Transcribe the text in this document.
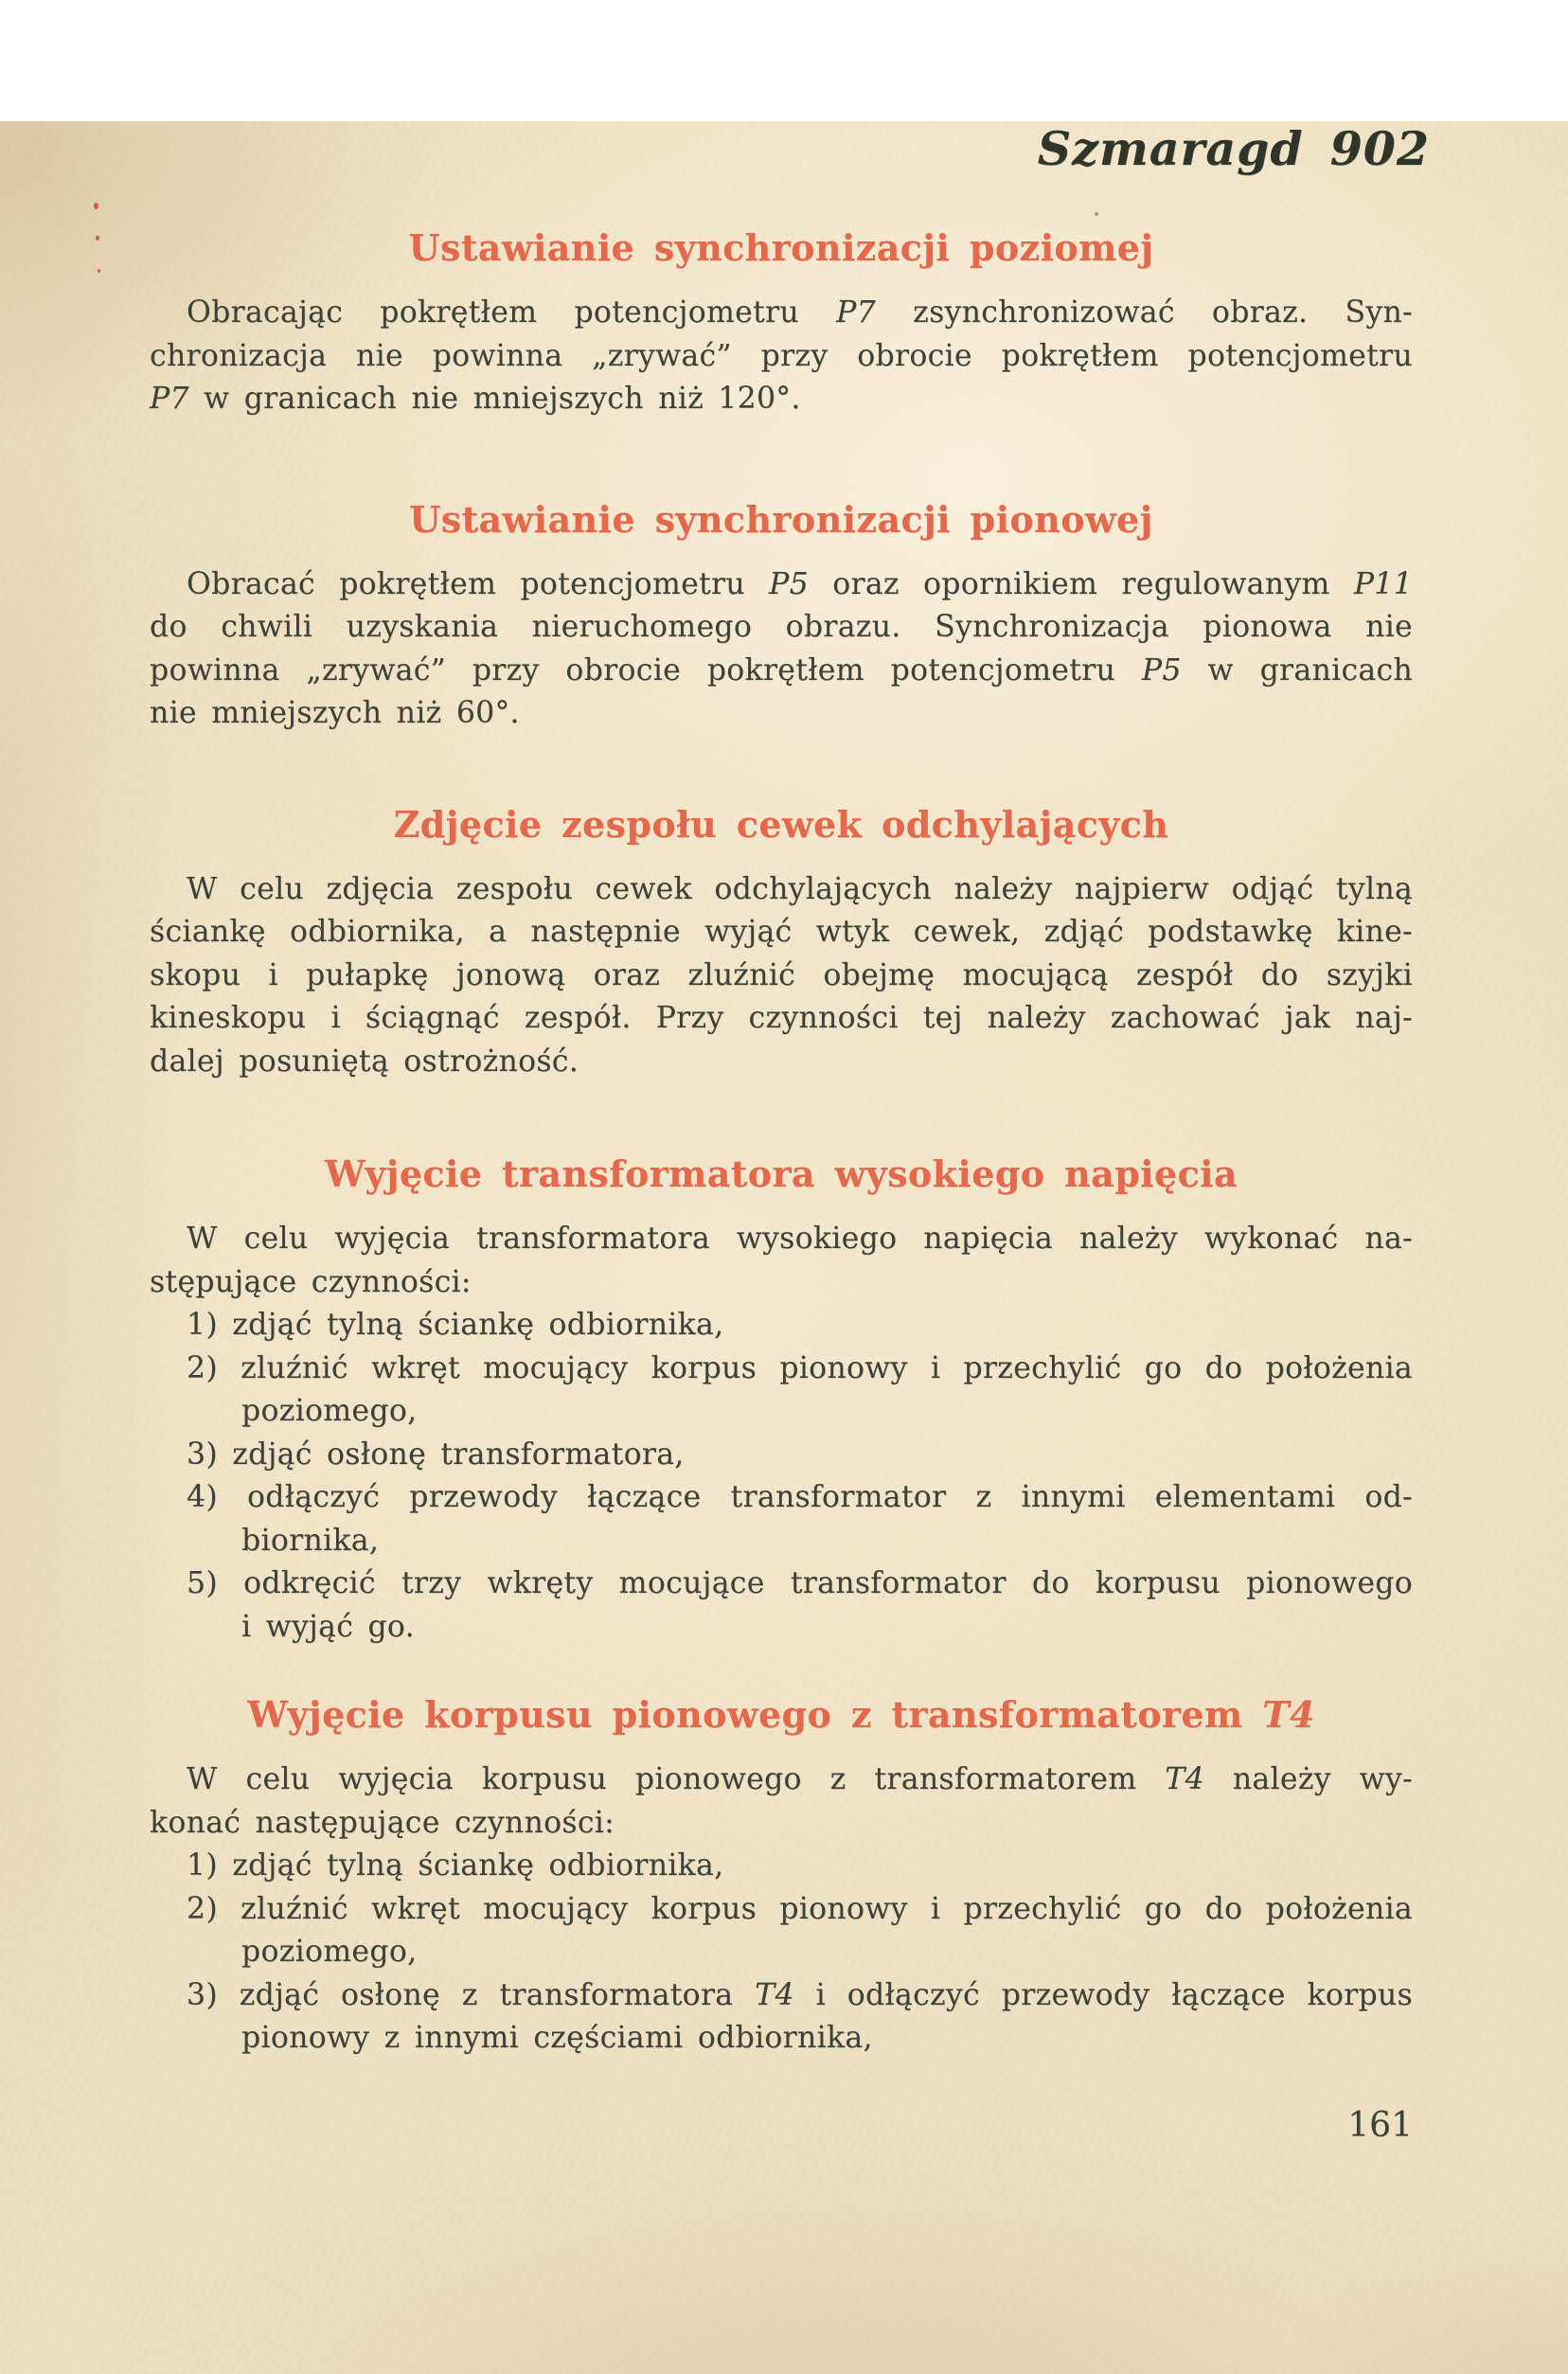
Szmaragd 902
Ustawianie synchronizacji poziomej
Obracając pokrętłem potencjometru P7 zsynchronizować obraz. Syn-
chronizacja nie powinna „zrywać” przy obrocie pokrętłem potencjometru
P7 w granicach nie mniejszych niż 120°.
Ustawianie synchronizacji pionowej
Obracać pokrętłem potencjometru P5 oraz opornikiem regulowanym P11
do chwili uzyskania nieruchomego obrazu. Synchronizacja pionowa nie
powinna „zrywać” przy obrocie pokrętłem potencjometru P5 w granicach
nie mniejszych niż 60°.
Zdjęcie zespołu cewek odchylających
W celu zdjęcia zespołu cewek odchylających należy najpierw odjąć tylną
ściankę odbiornika, a następnie wyjąć wtyk cewek, zdjąć podstawkę kine-
skopu i pułapkę jonową oraz zluźnić obejmę mocującą zespół do szyjki
kineskopu i ściągnąć zespół. Przy czynności tej należy zachować jak naj-
dalej posuniętą ostrożność.
Wyjęcie transformatora wysokiego napięcia
W celu wyjęcia transformatora wysokiego napięcia należy wykonać na-
stępujące czynności:
1) zdjąć tylną ściankę odbiornika,
2) zluźnić wkręt mocujący korpus pionowy i przechylić go do położenia
poziomego,
3) zdjąć osłonę transformatora,
4) odłączyć przewody łączące transformator z innymi elementami od-
biornika,
5) odkręcić trzy wkręty mocujące transformator do korpusu pionowego
i wyjąć go.
Wyjęcie korpusu pionowego z transformatorem T4
W celu wyjęcia korpusu pionowego z transformatorem T4 należy wy-
konać następujące czynności:
1) zdjąć tylną ściankę odbiornika,
2) zluźnić wkręt mocujący korpus pionowy i przechylić go do położenia
poziomego,
3) zdjąć osłonę z transformatora T4 i odłączyć przewody łączące korpus
pionowy z innymi częściami odbiornika,
161
